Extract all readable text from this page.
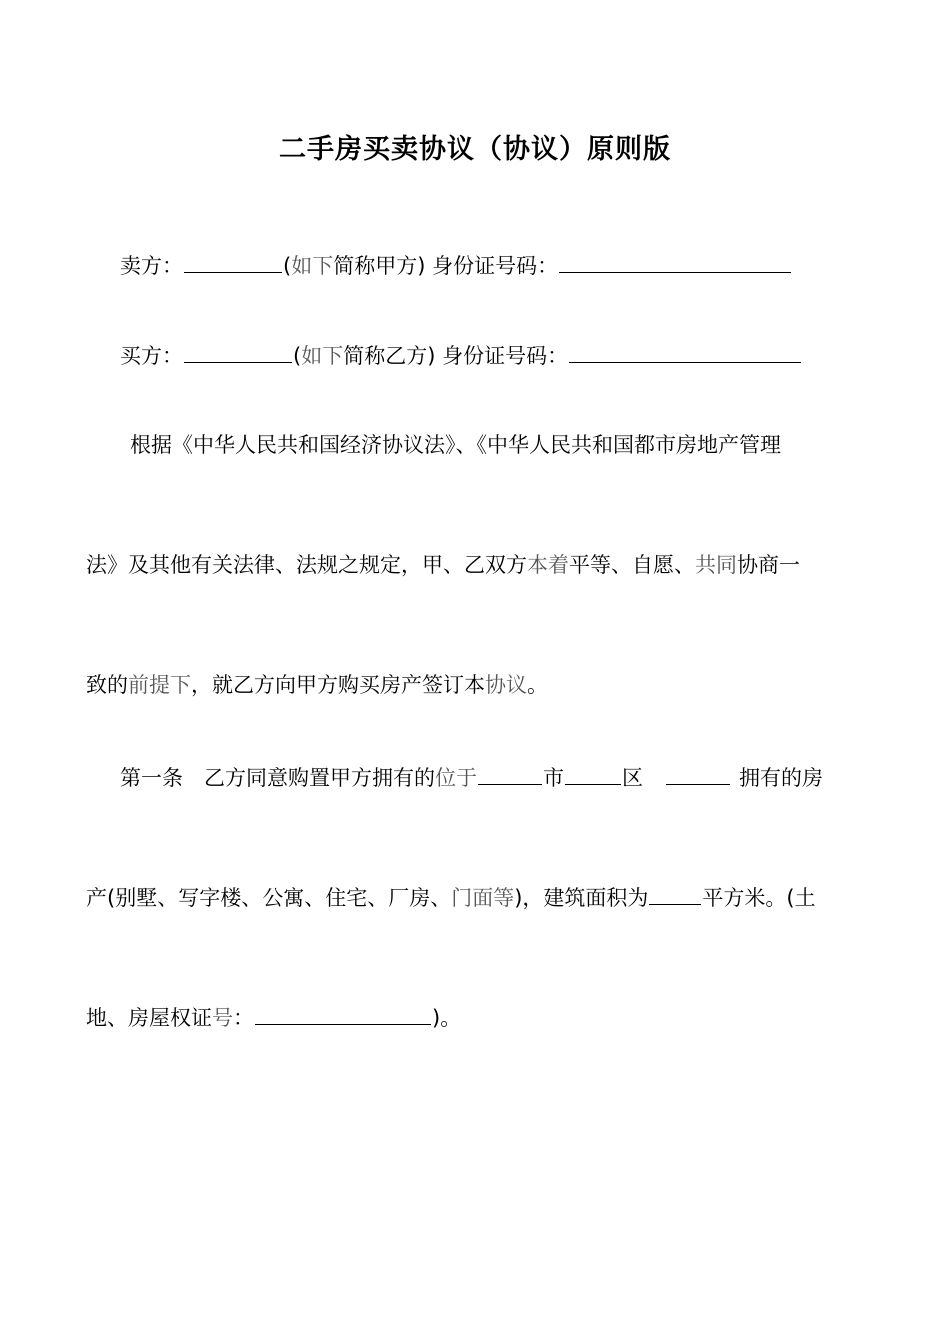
二手房买卖协议（协议）原则版
卖方：	(如下简称甲方) 身份证号码：
买方：	(如下简称乙方) 身份证号码：
根据《中华人民共和国经济协议法》、《中华人民共和国都市房地产管理
法》及其他有关法律、法规之规定，甲、乙双方本着平等、自愿、共同协商一
致的前提下，就乙方向甲方购买房产签订本协议。
第一条　乙方同意购置甲方拥有的位于	市	区	拥有的房
产(别墅、写字楼、公寓、住宅、厂房、门面等)，建筑面积为	平方米。(土
地、房屋权证号：	)。
